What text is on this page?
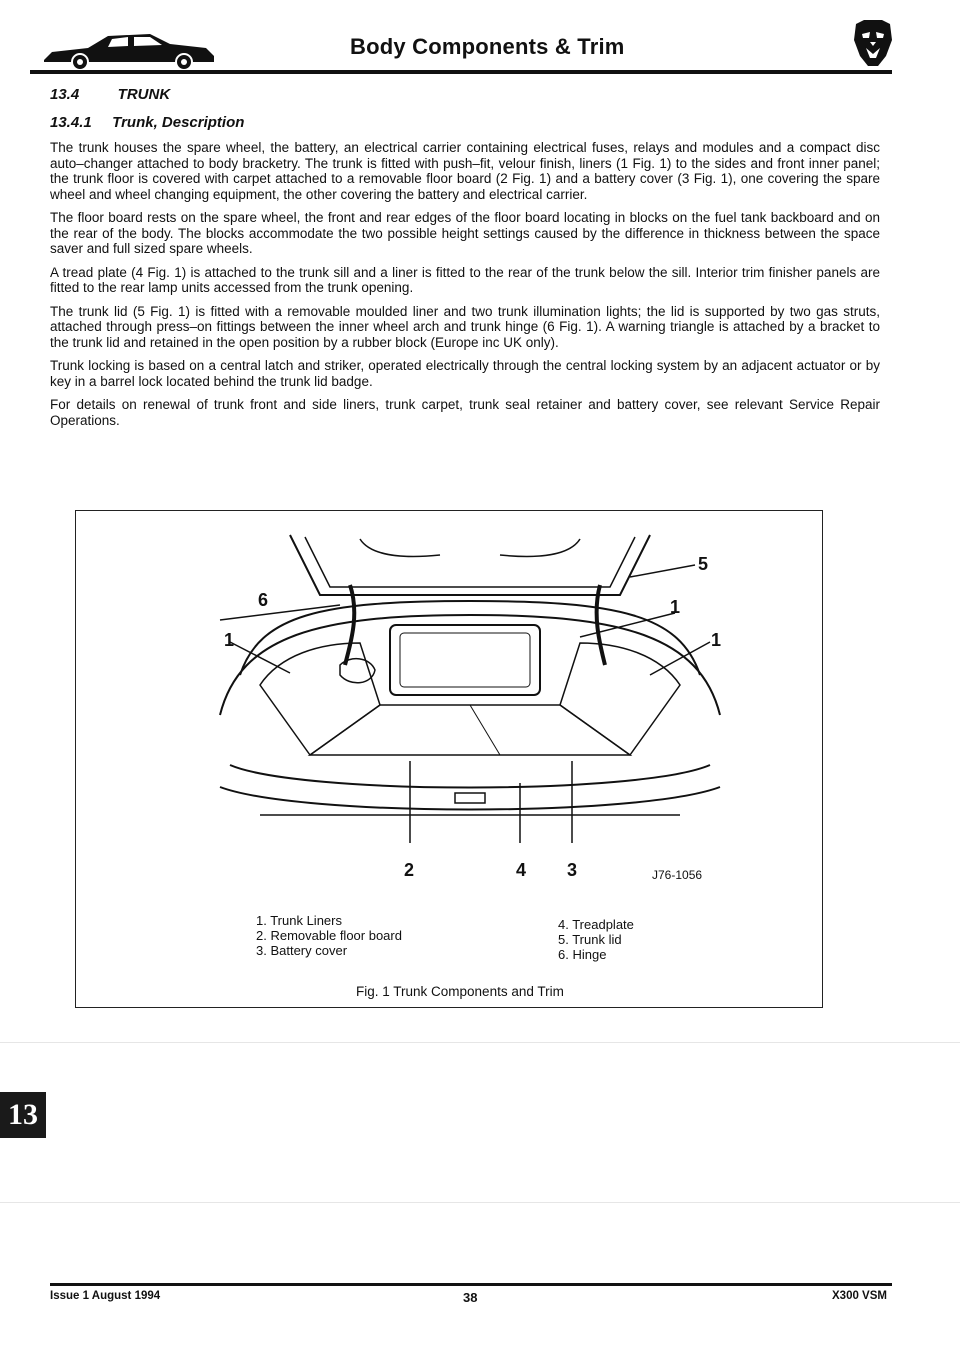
Body Components & Trim
13.4	TRUNK
13.4.1 Trunk, Description

The trunk houses the spare wheel, the battery, an electrical carrier containing electrical fuses, relays and modules and a compact disc auto–changer attached to body bracketry. The trunk is fitted with push–fit, velour finish, liners (1 Fig. 1) to the sides and front inner panel; the trunk floor is covered with carpet attached to a removable floor board (2 Fig. 1) and a battery cover (3 Fig. 1), one covering the spare wheel and wheel changing equipment, the other covering the battery and electrical carrier.

The floor board rests on the spare wheel, the front and rear edges of the floor board locating in blocks on the fuel tank backboard and on the rear of the body. The blocks accommodate the two possible height settings caused by the difference in thickness between the space saver and full sized spare wheels.

A tread plate (4 Fig. 1) is attached to the trunk sill and a liner is fitted to the rear of the trunk below the sill. Interior trim finisher panels are fitted to the rear lamp units accessed from the trunk opening.

The trunk lid (5 Fig. 1) is fitted with a removable moulded liner and two trunk illumination lights; the lid is supported by two gas struts, attached through press–on fittings between the inner wheel arch and trunk hinge (6 Fig. 1). A warning triangle is attached by a bracket to the trunk lid and retained in the open position by a rubber block (Europe inc UK only).

Trunk locking is based on a central latch and striker, operated electrically through the central locking system by an adjacent actuator or by key in a barrel lock located behind the trunk lid badge.

For details on renewal of trunk front and side liners, trunk carpet, trunk seal retainer and battery cover, see relevant Service Repair Operations.

1
1
1
2	3
4
5
6
J76-1056
1. Trunk Liners
2. Removable floor board
3. Battery cover
4. Treadplate
5. Trunk lid
6. Hinge
Fig. 1 Trunk Components and Trim
13
Issue 1 August 1994	38	X300 VSM
